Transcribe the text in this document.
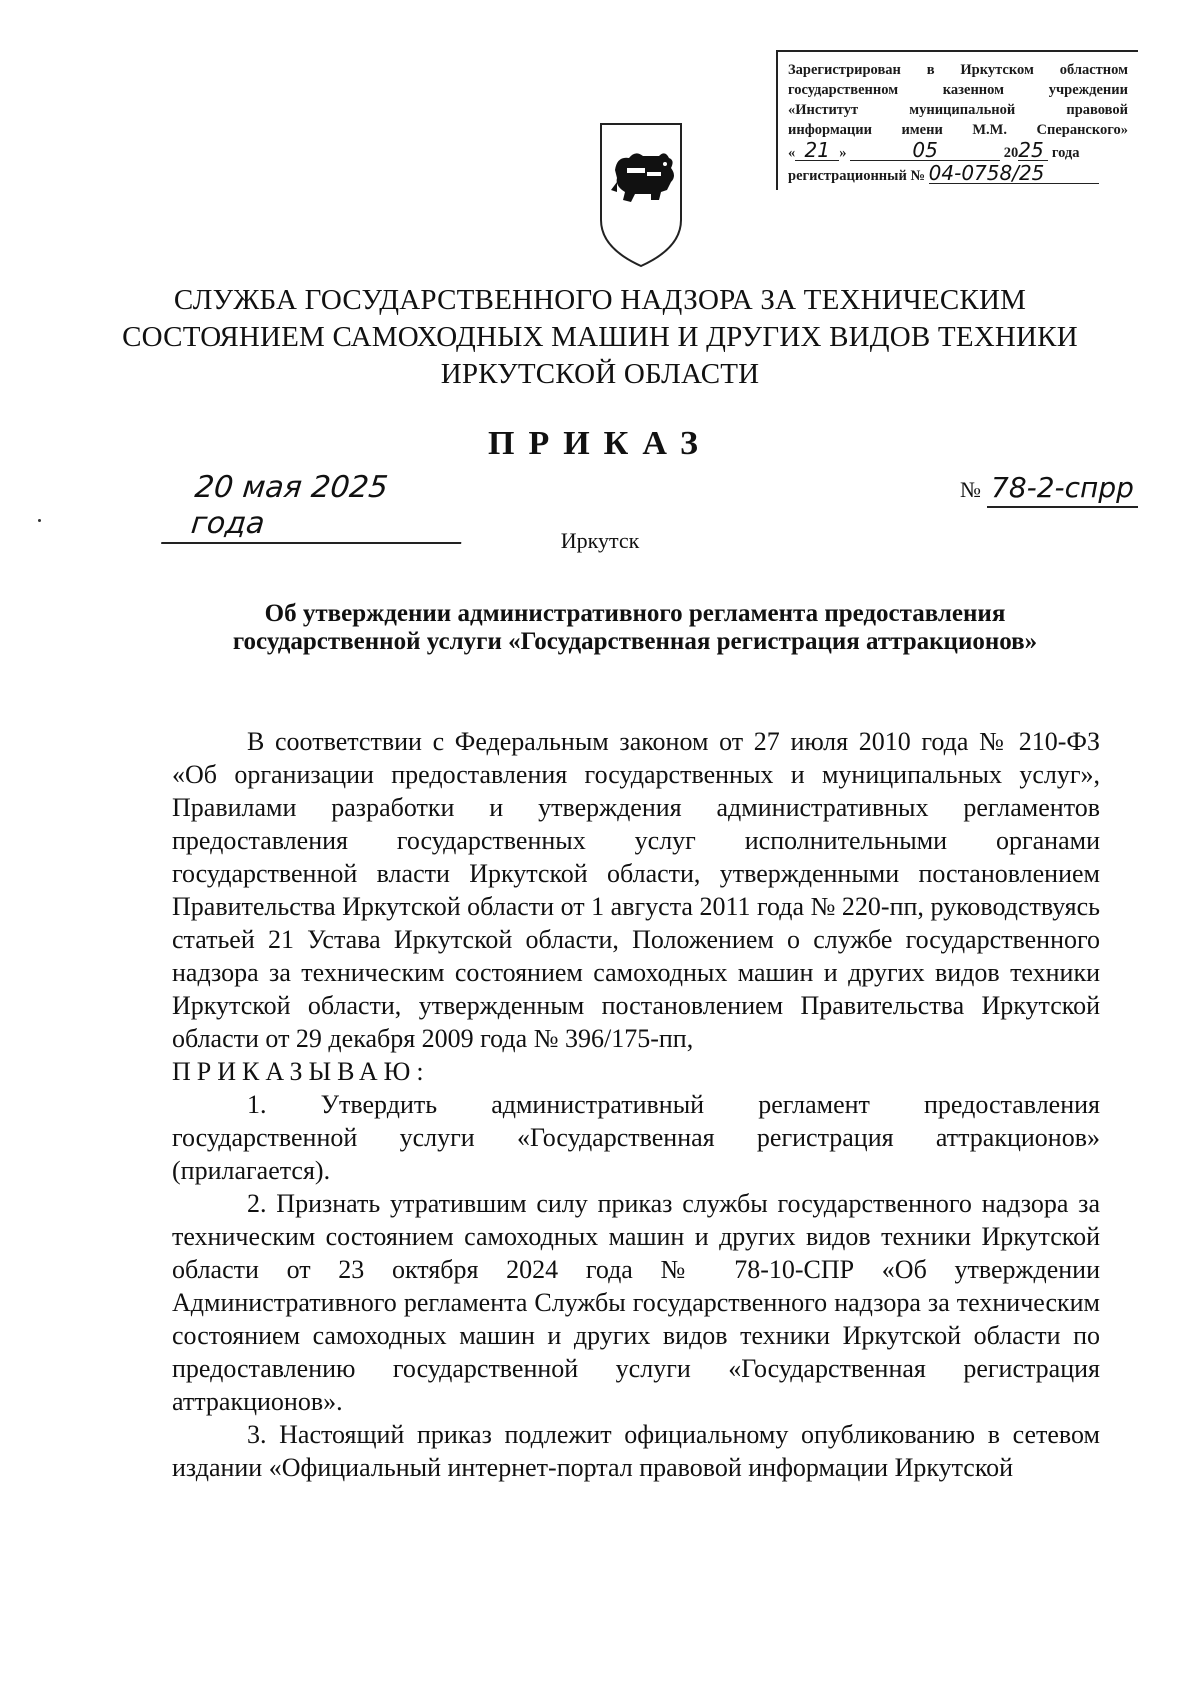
Зарегистрирован в Иркутском областном
государственном казенном учреждении
«Институт муниципальной правовой
информации имени М.М. Сперанского»
« 21 »	05	2025 года
регистрационный № 04-0758/25
СЛУЖБА ГОСУДАРСТВЕННОГО НАДЗОРА ЗА ТЕХНИЧЕСКИМ
СОСТОЯНИЕМ САМОХОДНЫХ МАШИН И ДРУГИХ ВИДОВ ТЕХНИКИ
ИРКУТСКОЙ ОБЛАСТИ
ПРИКАЗ
20 мая 2025 года
№ 78-2-спрр
Иркутск
Об утверждении административного регламента предоставления
государственной услуги «Государственная регистрация аттракционов»

В соответствии с Федеральным законом от 27 июля 2010 года № 210-ФЗ «Об организации предоставления государственных и муниципальных услуг», Правилами разработки и утверждения административных регламентов предоставления государственных услуг исполнительными органами государственной власти Иркутской области, утвержденными постановлением Правительства Иркутской области от 1 августа 2011 года № 220-пп, руководствуясь статьей 21 Устава Иркутской области, Положением о службе государственного надзора за техническим состоянием самоходных машин и других видов техники Иркутской области, утвержденным постановлением Правительства Иркутской области от 29 декабря 2009 года № 396/175-пп,

ПРИКАЗЫВАЮ:

1. Утвердить административный регламент предоставления государственной услуги «Государственная регистрация аттракционов» (прилагается).

2. Признать утратившим силу приказ службы государственного надзора за техническим состоянием самоходных машин и других видов техники Иркутской области от 23 октября 2024 года № 78-10-СПР «Об утверждении Административного регламента Службы государственного надзора за техническим состоянием самоходных машин и других видов техники Иркутской области по предоставлению государственной услуги «Государственная регистрация аттракционов».

3. Настоящий приказ подлежит официальному опубликованию в сетевом издании «Официальный интернет-портал правовой информации Иркутской
